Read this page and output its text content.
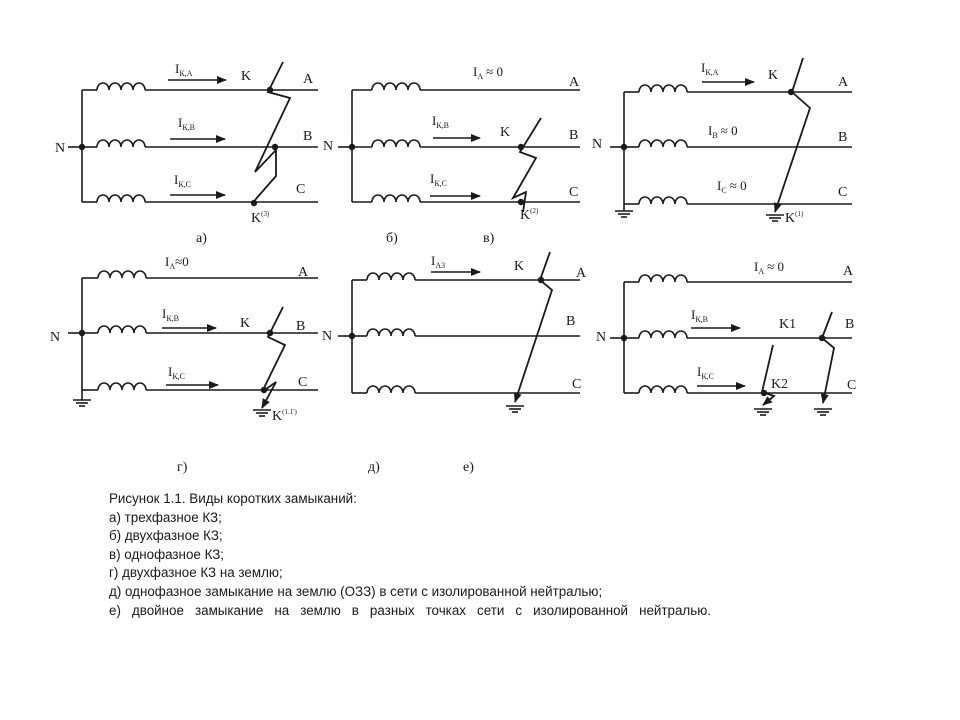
A
B
C
N
K
$K^{(3)}$
$I_{К,А}$
$I_{К,В}$
$I_{К,С}$
а)
A
B
C
N
K
$K^{(2)}$
$I_А \approx 0$
$I_{К,В}$
$I_{К,С}$
б)	в)
A
B
C
N
K
$K^{(1)}$
$I_{К,А}$
$I_В \approx 0$
$I_С \approx 0$
A
B
C
N
K
$K^{(1.1')}$
$I_А\approx 0$
$I_{К,В}$
$I_{К,С}$
г)
A
B
C
N
K
$I_{А3}$
д)	е)
A
B
C
N
K1
K2
$I_А \approx 0$
$I_{К,В}$
$I_{К,С}$
Рисунок 1.1. Виды коротких замыканий:
а) трехфазное КЗ;
б) двухфазное КЗ;
в) однофазное КЗ;
г) двухфазное КЗ на землю;
д) однофазное замыкание на землю (ОЗЗ) в сети с изолированной нейтралью;
е) двойное замыкание на землю в разных точках сети с изолированной нейтралью.
